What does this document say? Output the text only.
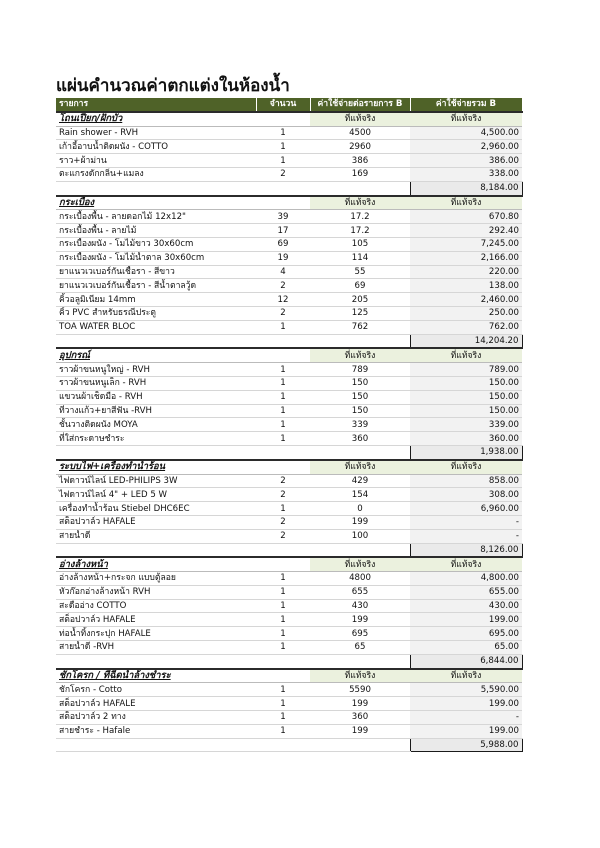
แผ่นคำนวณค่าตกแต่งในห้องน้ำ
รายการ	จำนวน	ค่าใช้จ่ายต่อรายการ B	ค่าใช้จ่ายรวม B
โถนเปียก/ฝักบัว		ที่แท้จริง	ที่แท้จริง
Rain shower - RVH	1	4500	4,500.00
เก้าอี้อาบน้ำติดผนัง - COTTO	1	2960	2,960.00
ราว+ผ้าม่าน	1	386	386.00
ตะแกรงดักกลิ่น+แมลง	2	169	338.00
			8,184.00
กระเบื้อง		ที่แท้จริง	ที่แท้จริง
กระเบื้องพื้น - ลายดอกไม้ 12x12"	39	17.2	670.80
กระเบื้องพื้น - ลายไม้	17	17.2	292.40
กระเบื้องผนัง - โมไม้ขาว 30x60cm	69	105	7,245.00
กระเบื้องผนัง - โมไม้น้ำตาล 30x60cm	19	114	2,166.00
ยาแนวเวเบอร์กันเชื้อรา - สีขาว	4	55	220.00
ยาแนวเวเบอร์กันเชื้อรา - สีน้ำตาลวู้ด	2	69	138.00
คิ้วอลูมิเนียม 14mm	12	205	2,460.00
คิ้ว PVC สำหรับธรณีประตู	2	125	250.00
TOA WATER BLOC	1	762	762.00
			14,204.20
อุปกรณ์		ที่แท้จริง	ที่แท้จริง
ราวผ้าขนหนูใหญ่ - RVH	1	789	789.00
ราวผ้าขนหนูเล็ก - RVH	1	150	150.00
แขวนผ้าเช็ดมือ - RVH	1	150	150.00
ที่วางแก้ว+ยาสีฟัน -RVH	1	150	150.00
ชั้นวางติดผนัง MOYA	1	339	339.00
ที่ใส่กระดาษชำระ	1	360	360.00
			1,938.00
ระบบไฟ+เครื่องทำน้ำร้อน		ที่แท้จริง	ที่แท้จริง
ไฟดาวน์ไลน์ LED-PHILIPS 3W	2	429	858.00
ไฟดาวน์ไลน์ 4" + LED 5 W	2	154	308.00
เครื่องทำน้ำร้อน Stiebel DHC6EC	1	0	6,960.00
สต็อปวาล์ว HAFALE	2	199	-
สายน้ำดี	2	100	-
			8,126.00
อ่างล้างหน้า		ที่แท้จริง	ที่แท้จริง
อ่างล้างหน้า+กระจก แบบตู้ลอย	1	4800	4,800.00
หัวก๊อกอ่างล้างหน้า RVH	1	655	655.00
สะดืออ่าง COTTO	1	430	430.00
สต็อปวาล์ว HAFALE	1	199	199.00
ท่อน้ำทิ้งกระปุก HAFALE	1	695	695.00
สายน้ำดี -RVH	1	65	65.00
			6,844.00
ชักโครก / ที่ฉีดน้ำล้างชำระ		ที่แท้จริง	ที่แท้จริง
ชักโครก - Cotto	1	5590	5,590.00
สต็อปวาล์ว HAFALE	1	199	199.00
สต็อปวาล์ว 2 ทาง	1	360	-
สายชำระ - Hafale	1	199	199.00
			5,988.00
